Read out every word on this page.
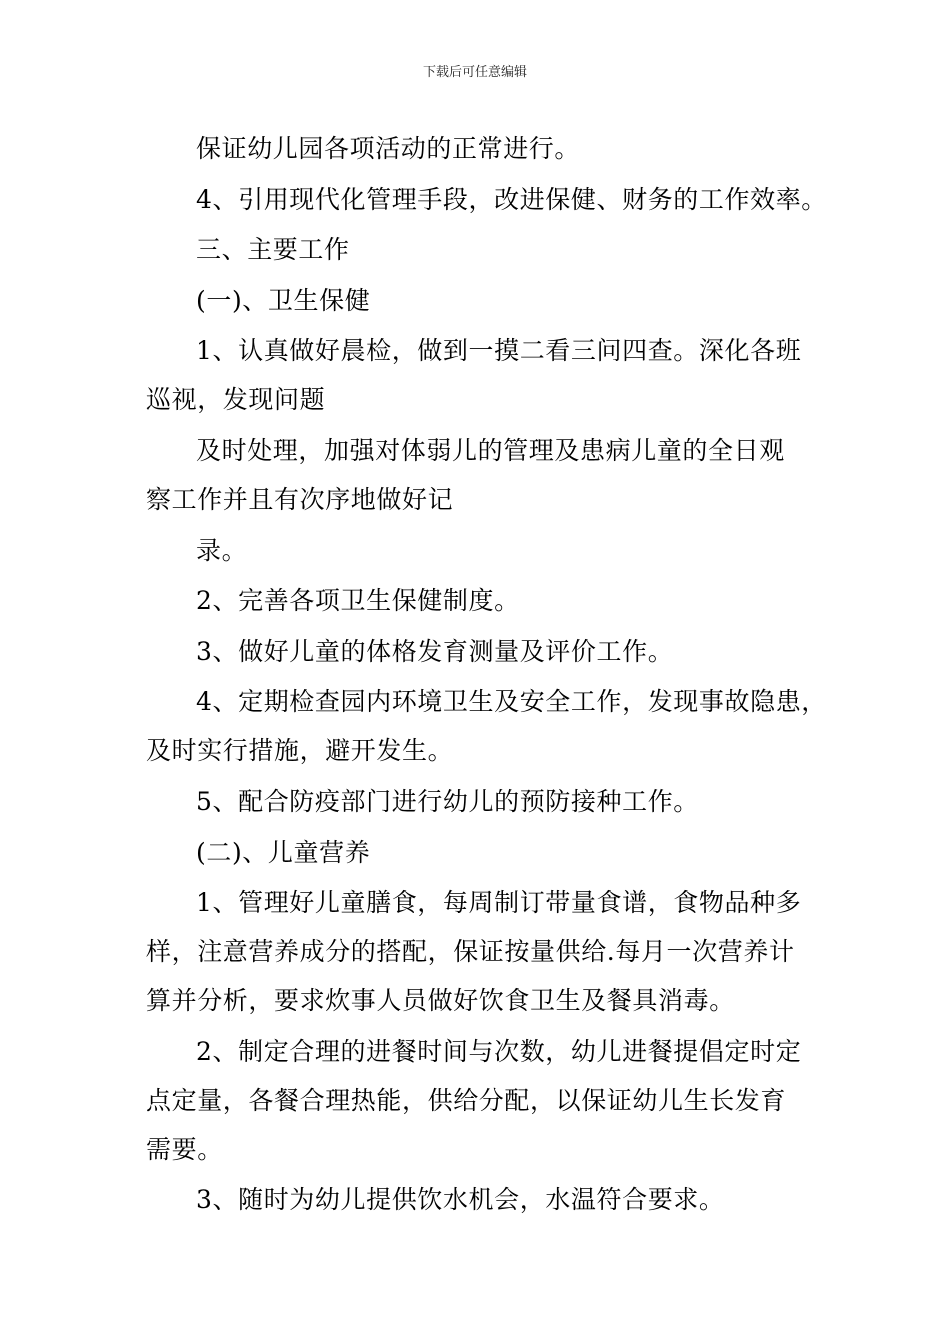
下载后可任意编辑
保证幼儿园各项活动的正常进行。
4、引用现代化管理手段，改进保健、财务的工作效率。
三、主要工作
(一)、卫生保健
1、认真做好晨检，做到一摸二看三问四查。深化各班
巡视，发现问题
及时处理，加强对体弱儿的管理及患病儿童的全日观
察工作并且有次序地做好记
录。
2、完善各项卫生保健制度。
3、做好儿童的体格发育测量及评价工作。
4、定期检查园内环境卫生及安全工作，发现事故隐患，
及时实行措施，避开发生。
5、配合防疫部门进行幼儿的预防接种工作。
(二)、儿童营养
1、管理好儿童膳食，每周制订带量食谱，食物品种多
样，注意营养成分的搭配，保证按量供给.每月一次营养计
算并分析，要求炊事人员做好饮食卫生及餐具消毒。
2、制定合理的进餐时间与次数，幼儿进餐提倡定时定
点定量，各餐合理热能，供给分配，以保证幼儿生长发育
需要。
3、随时为幼儿提供饮水机会，水温符合要求。
